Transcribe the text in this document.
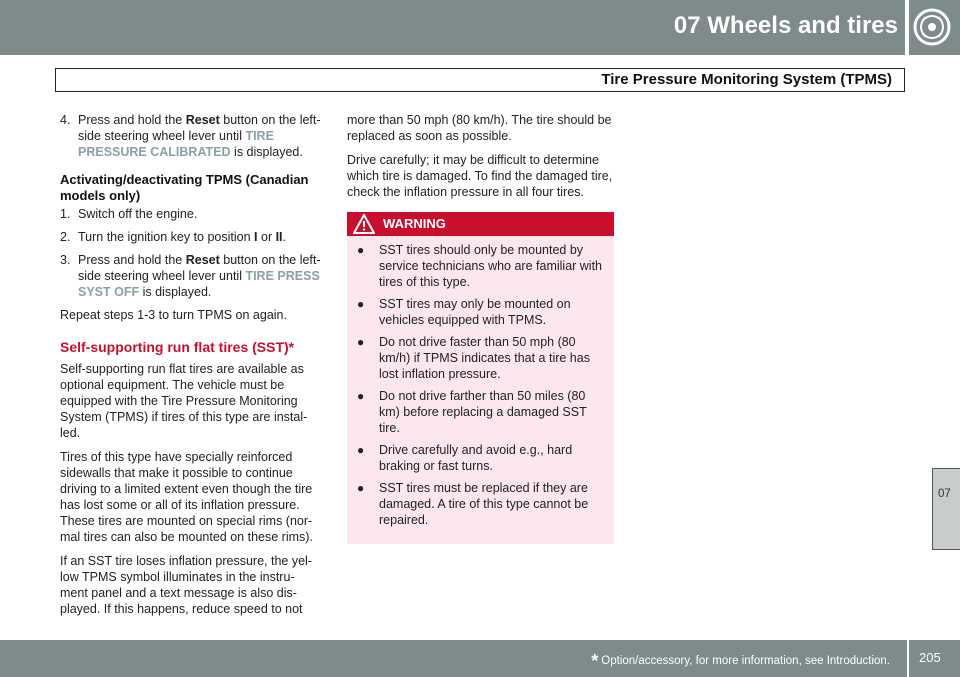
07 Wheels and tires
Tire Pressure Monitoring System (TPMS)
4. Press and hold the Reset button on the left-side steering wheel lever until TIRE PRESSURE CALIBRATED is displayed.
Activating/deactivating TPMS (Canadian models only)
1. Switch off the engine.
2. Turn the ignition key to position I or II.
3. Press and hold the Reset button on the left-side steering wheel lever until TIRE PRESS SYST OFF is displayed.

Repeat steps 1-3 to turn TPMS on again.

Self-supporting run flat tires (SST)*

Self-supporting run flat tires are available as optional equipment. The vehicle must be equipped with the Tire Pressure Monitoring System (TPMS) if tires of this type are instal-led.

Tires of this type have specially reinforced sidewalls that make it possible to continue driving to a limited extent even though the tire has lost some or all of its inflation pressure. These tires are mounted on special rims (nor-mal tires can also be mounted on these rims).

If an SST tire loses inflation pressure, the yel-low TPMS symbol illuminates in the instru-ment panel and a text message is also dis-played. If this happens, reduce speed to not

more than 50 mph (80 km/h). The tire should be replaced as soon as possible.

Drive carefully; it may be difficult to determine which tire is damaged. To find the damaged tire, check the inflation pressure in all four tires.

WARNING
●	SST tires should only be mounted by service technicians who are familiar with tires of this type.
●	SST tires may only be mounted on vehicles equipped with TPMS.
●	Do not drive faster than 50 mph (80 km/h) if TPMS indicates that a tire has lost inflation pressure.
●	Do not drive farther than 50 miles (80 km) before replacing a damaged SST tire.
●	Drive carefully and avoid e.g., hard braking or fast turns.
●	SST tires must be replaced if they are damaged. A tire of this type cannot be repaired.
07
* Option/accessory, for more information, see Introduction. 205
